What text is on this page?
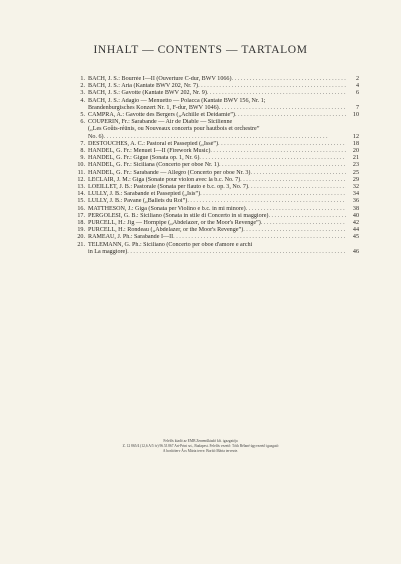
INHALT — CONTENTS — TARTALOM
1. BACH, J. S.: Bourrée I—II (Ouverture C-dur, BWV 1066) . . .	2
2. BACH, J. S.: Aria (Kantate BWV 202, Nr. 7) . . .	4
3. BACH, J. S.: Gavotte (Kantate BWV 202, Nr. 9) . . .	6
4. BACH, J. S.: Adagio — Menuetto — Polacca (Kantate BWV 156, Nr. 1;
Brandenburgisches Konzert Nr. 1, F-dur, BWV 1046) . . .	7
5. CAMPRA, A.: Gavotte des Bergers („Achille et Deidamie”) . . .	10
6. COUPERIN, Fr.: Sarabande — Air de Diable — Sicilienne
(„Les Goûts-réünis, ou Nouveaux concerts pour hautbois et orchestre”
No. 6) . . .	12
7. DESTOUCHES, A. C.: Pastoral et Passepied („Issé”) . . .	18
8. HÄNDEL, G. Fr.: Menuet I—II (Firework Music) . . .	20
9. HÄNDEL, G. Fr.: Gigue (Sonata op. 1, Nr. 6) . . .	21
10. HÄNDEL, G. Fr.: Siciliana (Concerto per oboe Nr. 1) . . .	23
11. HÄNDEL, G. Fr.: Sarabande — Allegro (Concerto per oboe Nr. 3) . . .	25
12. LECLAIR, J. M.: Giga (Sonate pour violon avec la b.c. No. 7) . . .	29
13. LOEILLET, J. B.: Pastorale (Sonata per flauto e b.c. op. 3, No. 7) . . .	32
14. LULLY, J. B.: Sarabande et Passepied („Isis”) . . .	34
15. LULLY, J. B.: Pavane („Ballets du Roi”) . . .	36
16. MATTHESON, J.: Giga (Sonata per Violino e b.c. in mi minore) . . .	38
17. PERGOLESI, G. B.: Siciliano (Sonata in stile di Concerto in si maggiore) . . .	40
18. PURCELL, H.: Jig — Hornpipe („Abdelazer, or the Moor's Revenge”) . . .	42
19. PURCELL, H.: Rondeau („Abdelazer, or the Moor's Revenge”) . . .	44
20. RAMEAU, J. Ph.: Sarabande I—II . . .	45
21. TELEMANN, G. Ph.: Siciliano (Concerto per oboe d'amore e archi
in La maggiore) . . .	46
Felelős kiadó az EMB Zeneműkiadó kft. igazgatója
Z. 12 865/4 (12,6 A/5 ív) 96.5J.867 Art-Print srt., Budapest. Felelős vezető: Tóth Bélané ügyvezető igazgató
A borítóterv Ács Mária terve. Borító Mária tervezte.
